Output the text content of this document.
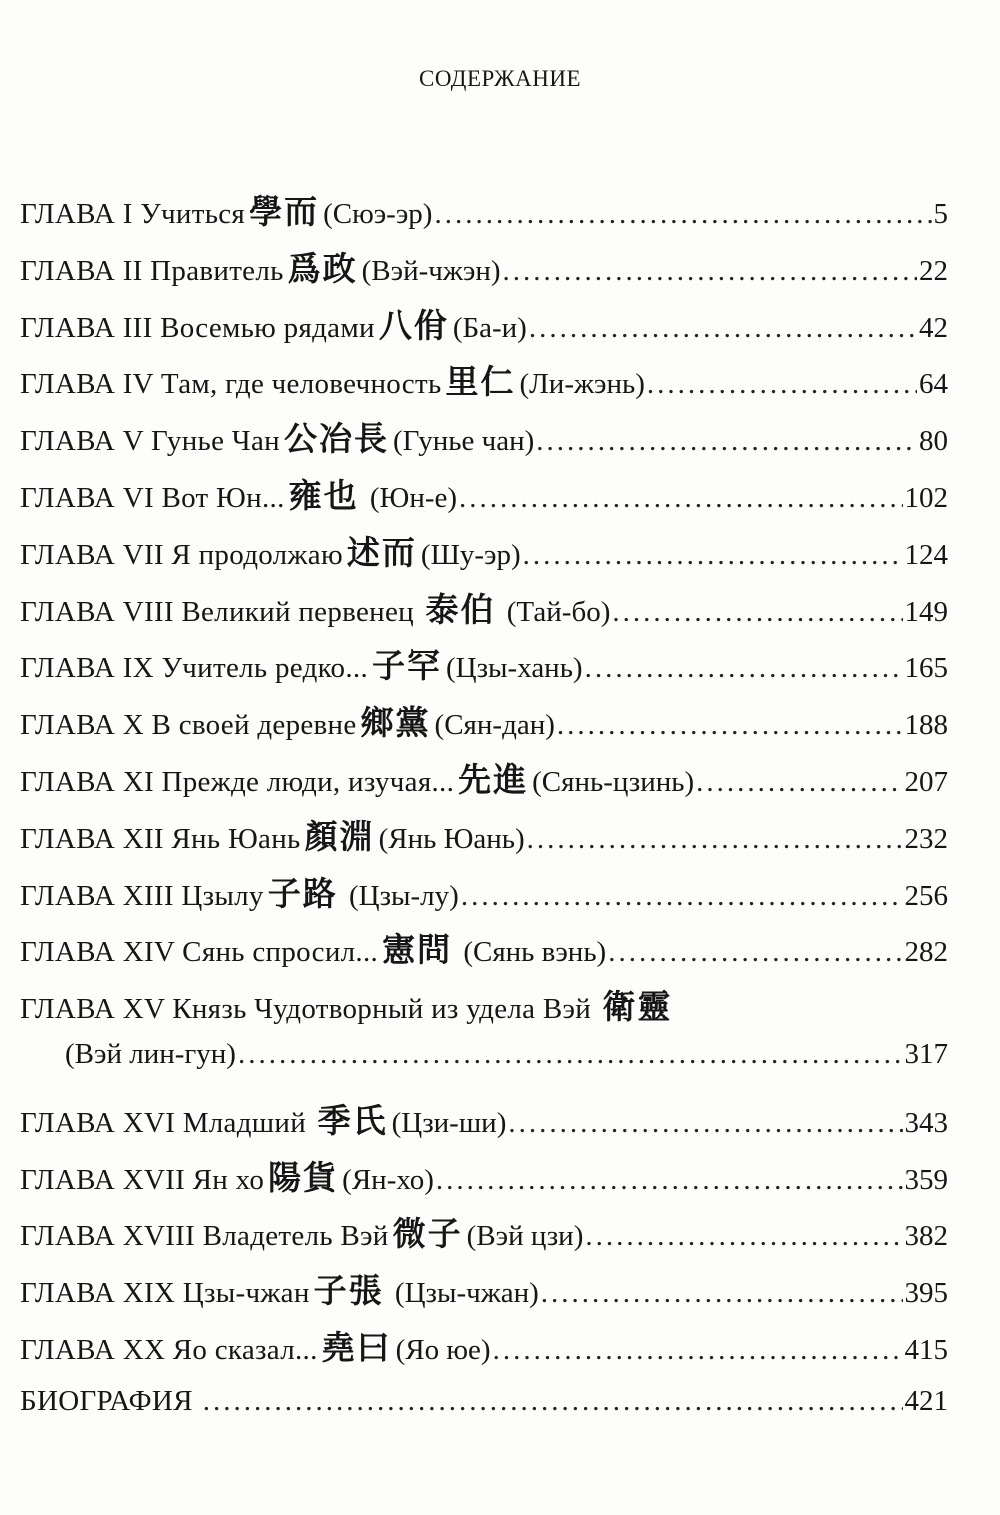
СОДЕРЖАНИЕ
ГЛАВА I Учиться 學而 (Сюэ-эр) .....	5
ГЛАВА II Правитель 爲政 (Вэй-чжэн) .....	22
ГЛАВА III Восемью рядами 八佾 (Ба-и) .....	42
ГЛАВА IV Там, где человечность 里仁 (Ли-жэнь) .....	64
ГЛАВА V Гунье Чан 公冶長 (Гунье чан) .....	80
ГЛАВА VI Вот Юн... 雍也 (Юн-е) .....	102
ГЛАВА VII Я продолжаю 述而 (Шу-эр) .....	124
ГЛАВА VIII Великий первенец 泰伯 (Тай-бо) .....	149
ГЛАВА IX Учитель редко... 子罕 (Цзы-хань) .....	165
ГЛАВА X В своей деревне 鄉黨 (Сян-дан) .....	188
ГЛАВА XI Прежде люди, изучая... 先進 (Сянь-цзинь) .....	207
ГЛАВА XII Янь Юань 顏淵 (Янь Юань) .....	232
ГЛАВА XIII Цзылу 子路 (Цзы-лу) .....	256
ГЛАВА XIV Сянь спросил... 憲問 (Сянь вэнь) .....	282
ГЛАВА XV Князь Чудотворный из удела Вэй 衛靈
(Вэй лин-гун) .....	317
ГЛАВА XVI Младший 季氏 (Цзи-ши) .....	343
ГЛАВА XVII Ян хо 陽貨 (Ян-хо) .....	359
ГЛАВА XVIII Владетель Вэй 微子 (Вэй цзи) .....	382
ГЛАВА XIX Цзы-чжан 子張 (Цзы-чжан) .....	395
ГЛАВА XX Яо сказал... 堯曰 (Яо юе) .....	415
БИОГРАФИЯ .....	421
